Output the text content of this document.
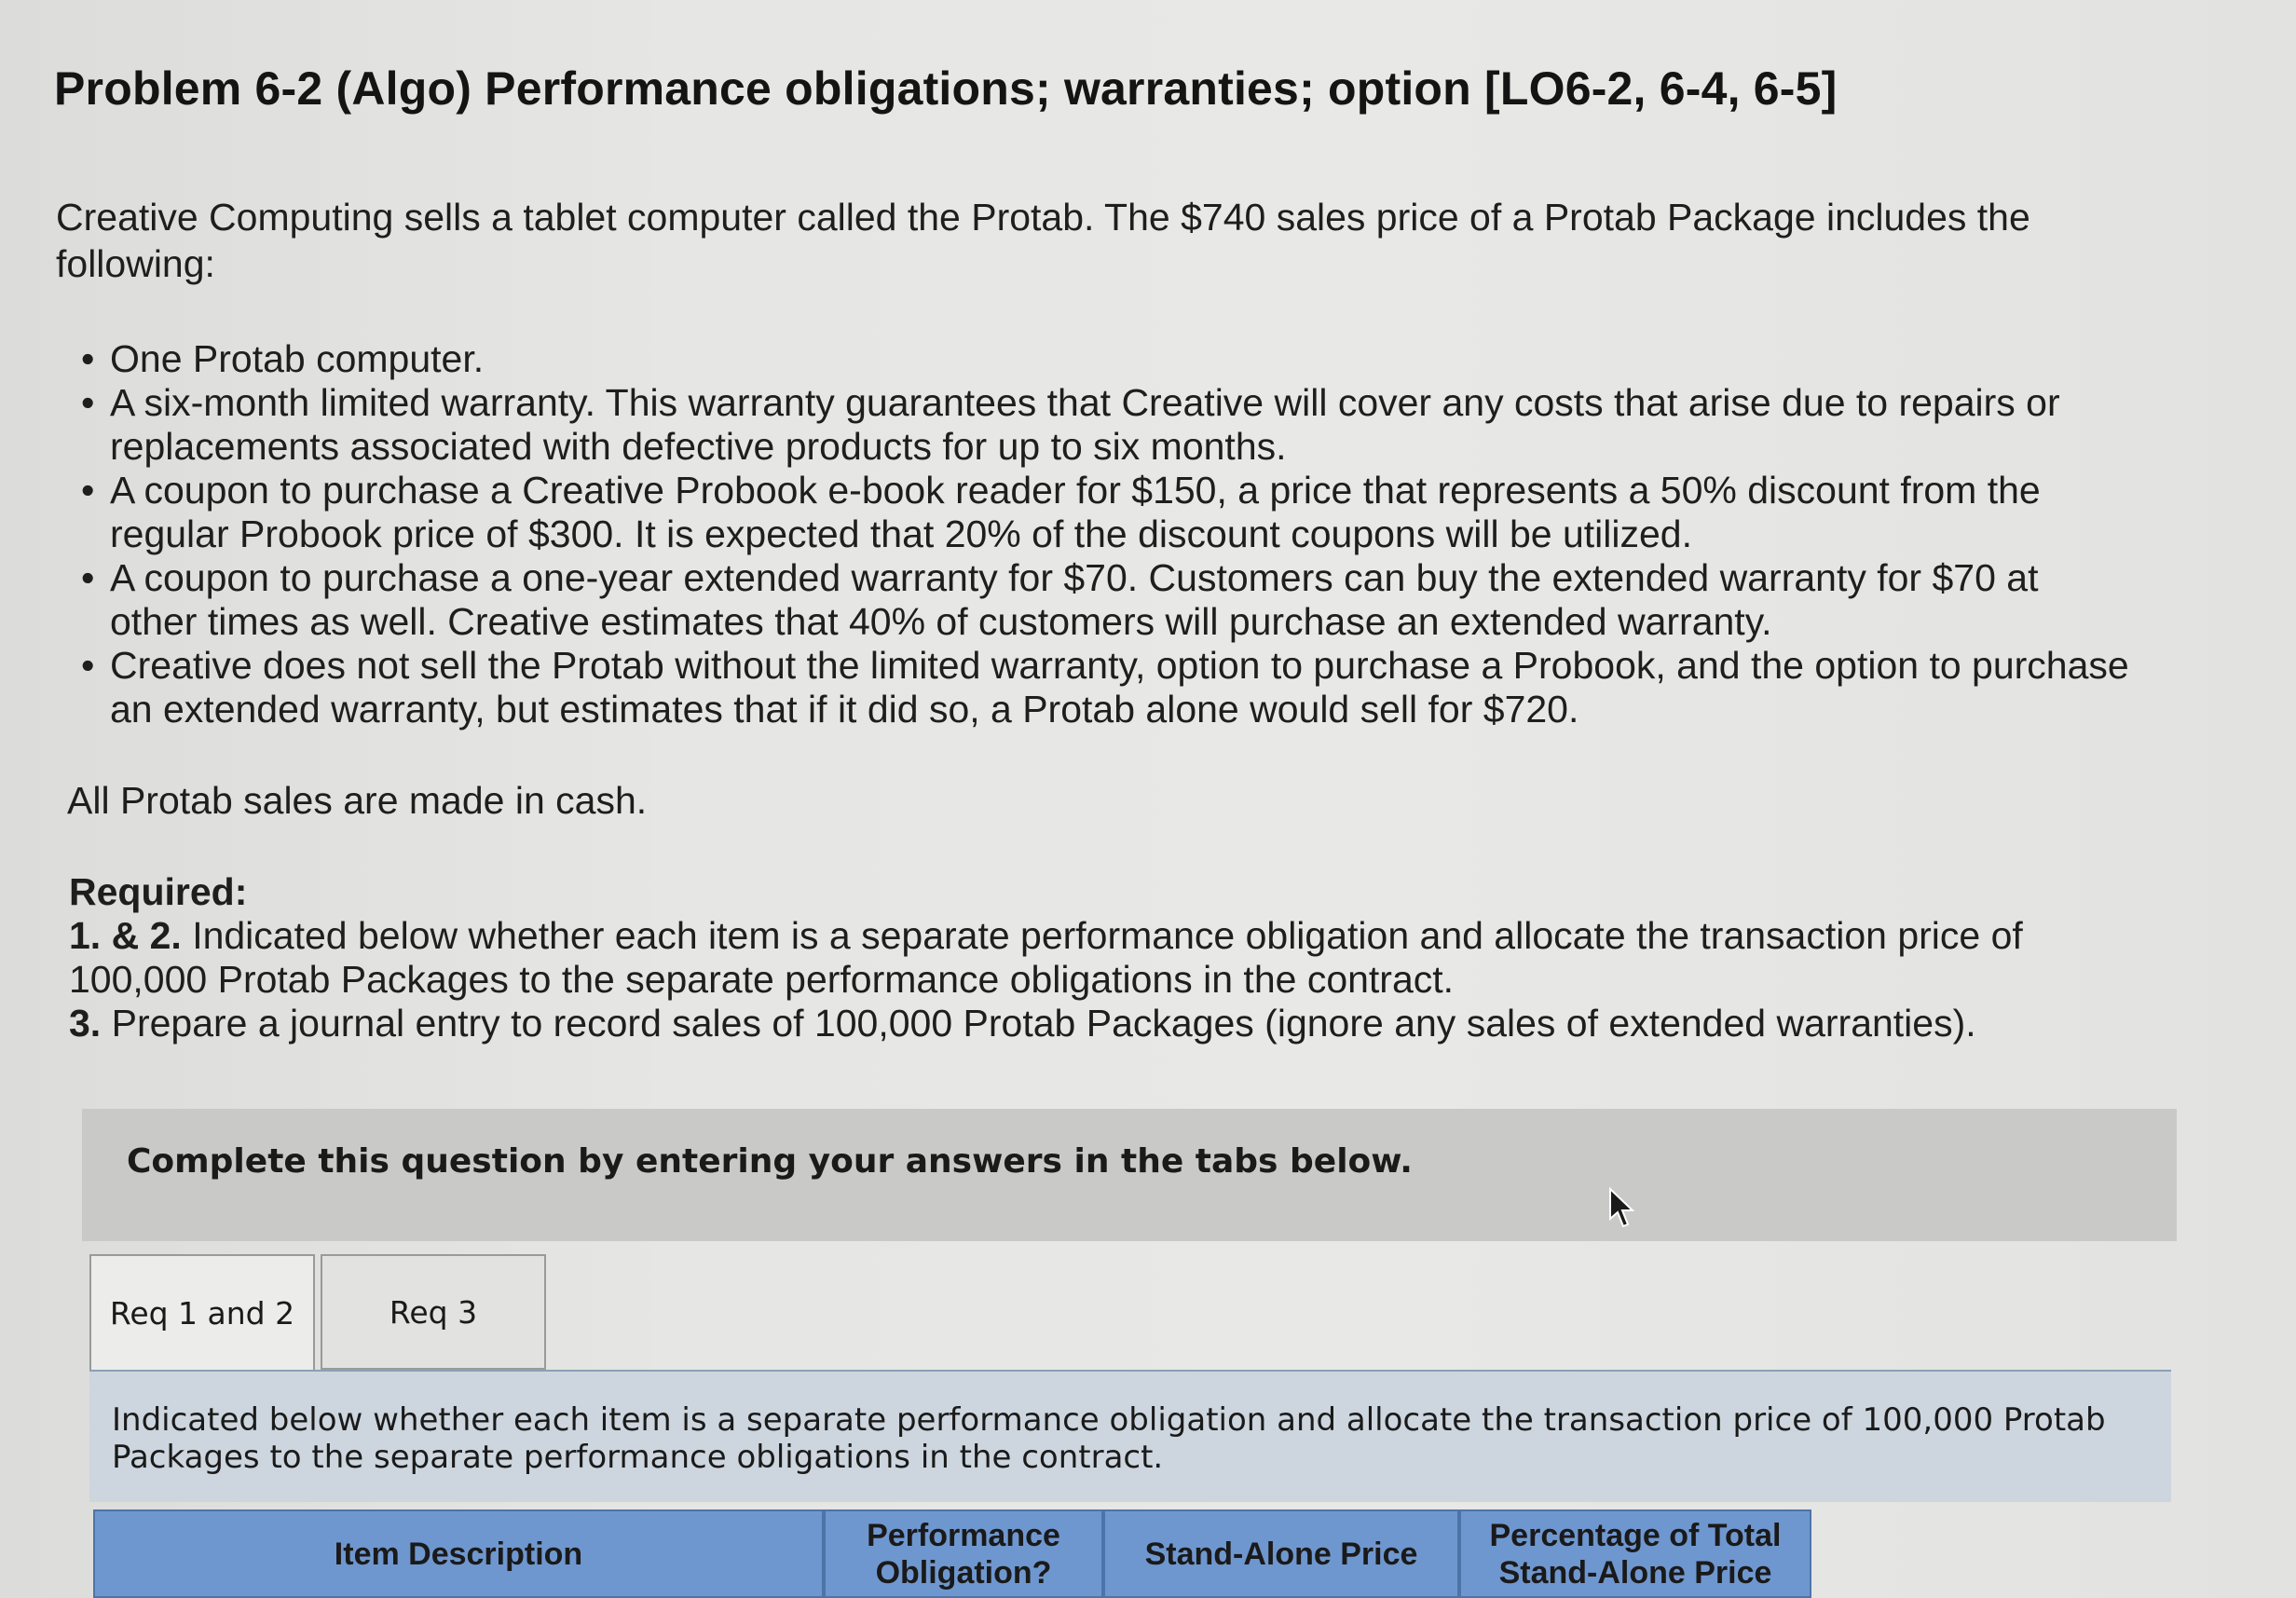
Problem 6-2 (Algo) Performance obligations; warranties; option [LO6-2, 6-4, 6-5]
Creative Computing sells a tablet computer called the Protab. The $740 sales price of a Protab Package includes the following:
• One Protab computer.
• A six-month limited warranty. This warranty guarantees that Creative will cover any costs that arise due to repairs or replacements associated with defective products for up to six months.
• A coupon to purchase a Creative Probook e-book reader for $150, a price that represents a 50% discount from the regular Probook price of $300. It is expected that 20% of the discount coupons will be utilized.
• A coupon to purchase a one-year extended warranty for $70. Customers can buy the extended warranty for $70 at other times as well. Creative estimates that 40% of customers will purchase an extended warranty.
• Creative does not sell the Protab without the limited warranty, option to purchase a Probook, and the option to purchase an extended warranty, but estimates that if it did so, a Protab alone would sell for $720.
All Protab sales are made in cash.
Required:
1. & 2. Indicated below whether each item is a separate performance obligation and allocate the transaction price of 100,000 Protab Packages to the separate performance obligations in the contract.
3. Prepare a journal entry to record sales of 100,000 Protab Packages (ignore any sales of extended warranties).
Complete this question by entering your answers in the tabs below.
Req 1 and 2	Req 3
Indicated below whether each item is a separate performance obligation and allocate the transaction price of 100,000 Protab Packages to the separate performance obligations in the contract.
Item Description
Performance Obligation?
Stand-Alone Price
Percentage of Total Stand-Alone Price
